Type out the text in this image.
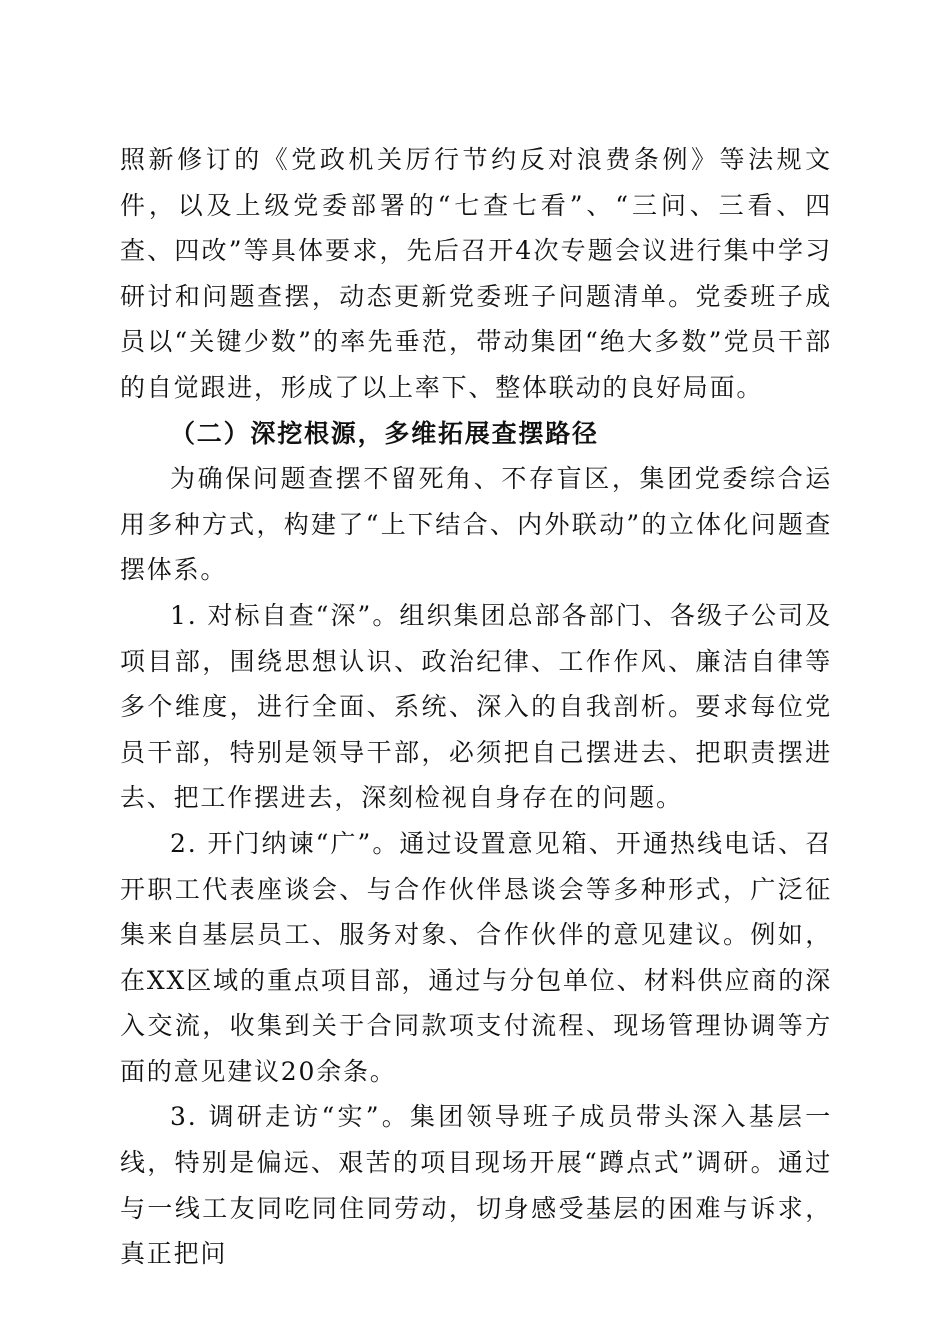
照新修订的《党政机关厉行节约反对浪费条例》等法规文件，以及上级党委部署的“七查七看”、“三问、三看、四查、四改”等具体要求，先后召开4次专题会议进行集中学习研讨和问题查摆，动态更新党委班子问题清单。党委班子成员以“关键少数”的率先垂范，带动集团“绝大多数”党员干部的自觉跟进，形成了以上率下、整体联动的良好局面。

（二）深挖根源，多维拓展查摆路径

为确保问题查摆不留死角、不存盲区，集团党委综合运用多种方式，构建了“上下结合、内外联动”的立体化问题查摆体系。

1. 对标自查“深”。组织集团总部各部门、各级子公司及项目部，围绕思想认识、政治纪律、工作作风、廉洁自律等多个维度，进行全面、系统、深入的自我剖析。要求每位党员干部，特别是领导干部，必须把自己摆进去、把职责摆进去、把工作摆进去，深刻检视自身存在的问题。

2. 开门纳谏“广”。通过设置意见箱、开通热线电话、召开职工代表座谈会、与合作伙伴恳谈会等多种形式，广泛征集来自基层员工、服务对象、合作伙伴的意见建议。例如，在XX区域的重点项目部，通过与分包单位、材料供应商的深入交流，收集到关于合同款项支付流程、现场管理协调等方面的意见建议20余条。

3. 调研走访“实”。集团领导班子成员带头深入基层一线，特别是偏远、艰苦的项目现场开展“蹲点式”调研。通过与一线工友同吃同住同劳动，切身感受基层的困难与诉求，真正把问
